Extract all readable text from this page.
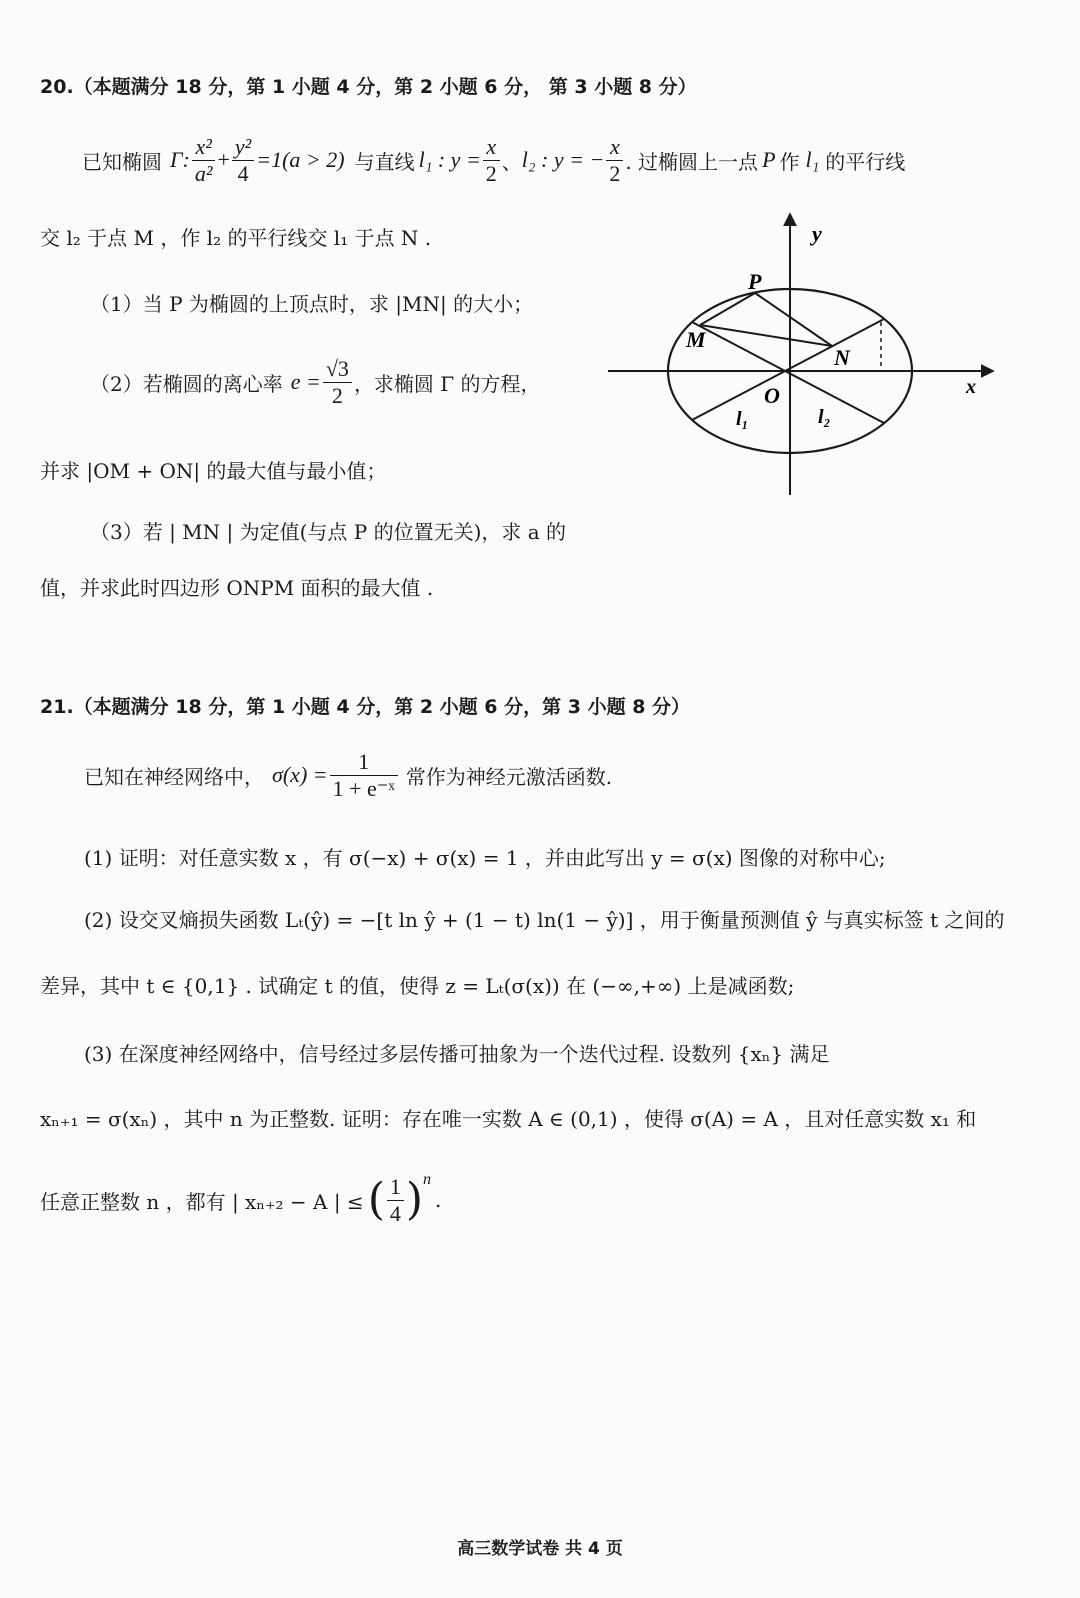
20.（本题满分 18 分，第 1 小题 4 分，第 2 小题 6 分， 第 3 小题 8 分）
已知椭圆 Γ: $\frac{\text{x²}}{\text{a²}} + \frac{\text{y²}}{4} =1(a > 2)$ 与直线 l₁ : $y = \frac{x}{2}$ 、 l₂ : y = − $\frac{x}{2}$ . 过椭圆上一点 P 作 l₁ 的平行线
交 l₂ 于点 M ，作 l₂ 的平行线交 l₁ 于点 N .
（1）当 P 为椭圆的上顶点时，求 |MN| 的大小；
（2）若椭圆的离心率 $e = \frac{√3}{2}$ ，求椭圆 Γ 的方程，
并求 |OM + ON| 的最大值与最小值；
（3）若 | MN | 为定值(与点 P 的位置无关)，求 a 的
值，并求此时四边形 ONPM 面积的最大值 .
y
x
P
M
N
O
l₁	l₂
21.（本题满分 18 分，第 1 小题 4 分，第 2 小题 6 分，第 3 小题 8 分）
已知在神经网络中， $\sigma(x) = \frac{1}{\text{1 + e⁻ˣ}}$ 常作为神经元激活函数.
(1) 证明：对任意实数 x ，有 σ(−x) + σ(x) = 1 ，并由此写出 y = σ(x) 图像的对称中心;
(2) 设交叉熵损失函数 Lₜ(ŷ) = −[t ln ŷ + (1 − t) ln(1 − ŷ)] ，用于衡量预测值 ŷ 与真实标签 t 之间的
差异，其中 t ∈ {0,1} . 试确定 t 的值，使得 z = Lₜ(σ(x)) 在 (−∞,+∞) 上是减函数;
(3) 在深度神经网络中，信号经过多层传播可抽象为一个迭代过程. 设数列 {xₙ} 满足
xₙ₊₁ = σ(xₙ) ，其中 n 为正整数. 证明：存在唯一实数 A ∈ (0,1) ，使得 σ(A) = A ，且对任意实数 x₁ 和
任意正整数 n ，都有 | xₙ₊₂ − A | ≤ ( $\frac{1}{4}$ ) n
.
高三数学试卷 共 4 页
